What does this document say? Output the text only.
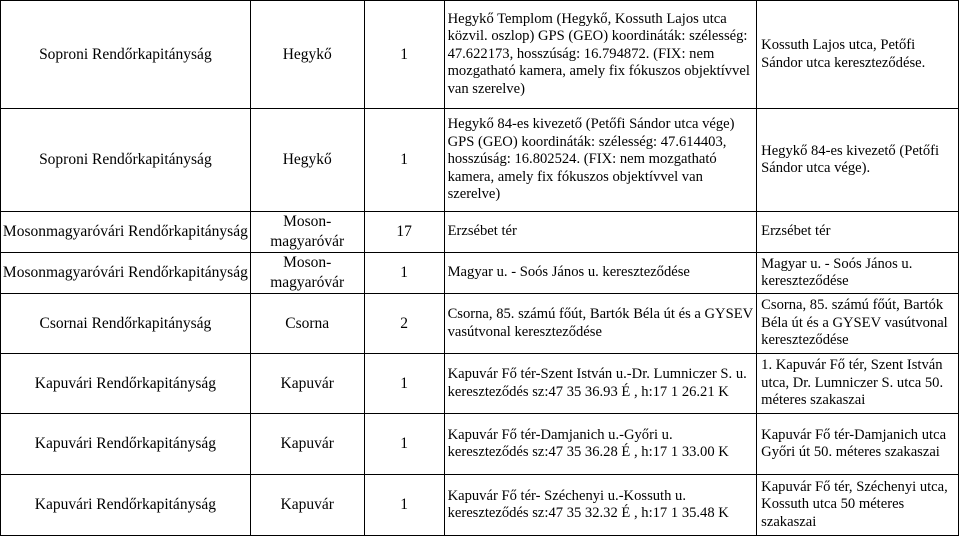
Soproni Rendőrkapitányság	Hegykő	1	Hegykő Templom (Hegykő, Kossuth Lajos utca közvil. oszlop) GPS (GEO) koordináták: szélesség: 47.622173, hosszúság: 16.794872. (FIX: nem mozgatható kamera, amely fix fókuszos objektívvel van szerelve)	Kossuth Lajos utca, Petőfi Sándor utca kereszteződése.
Soproni Rendőrkapitányság	Hegykő	1	Hegykő 84-es kivezető (Petőfi Sándor utca vége) GPS (GEO) koordináták: szélesség: 47.614403, hosszúság: 16.802524. (FIX: nem mozgatható kamera, amely fix fókuszos objektívvel van szerelve)	Hegykő 84-es kivezető (Petőfi Sándor utca vége).
Mosonmagyaróvári Rendőrkapitányság	Moson-magyaróvár	17	Erzsébet tér	Erzsébet tér
Mosonmagyaróvári Rendőrkapitányság	Moson-magyaróvár	1	Magyar u. - Soós János u. kereszteződése	Magyar u. - Soós János u. kereszteződése
Csornai Rendőrkapitányság	Csorna	2	Csorna, 85. számú főút, Bartók Béla út és a GYSEV vasútvonal kereszteződése	Csorna, 85. számú főút, Bartók Béla út és a GYSEV vasútvonal kereszteződése
Kapuvári Rendőrkapitányság	Kapuvár	1	Kapuvár Fő tér-Szent István u.-Dr. Lumniczer S. u. kereszteződés sz:47 35 36.93 É , h:17 1 26.21 K	1. Kapuvár Fő tér, Szent István utca, Dr. Lumniczer S. utca 50. méteres szakaszai
Kapuvári Rendőrkapitányság	Kapuvár	1	Kapuvár Fő tér-Damjanich u.-Győri u. kereszteződés sz:47 35 36.28 É , h:17 1 33.00 K	Kapuvár Fő tér-Damjanich utca Győri út 50. méteres szakaszai
Kapuvári Rendőrkapitányság	Kapuvár	1	Kapuvár Fő tér- Széchenyi u.-Kossuth u. kereszteződés sz:47 35 32.32 É , h:17 1 35.48 K	Kapuvár Fő tér, Széchenyi utca, Kossuth utca 50 méteres szakaszai
